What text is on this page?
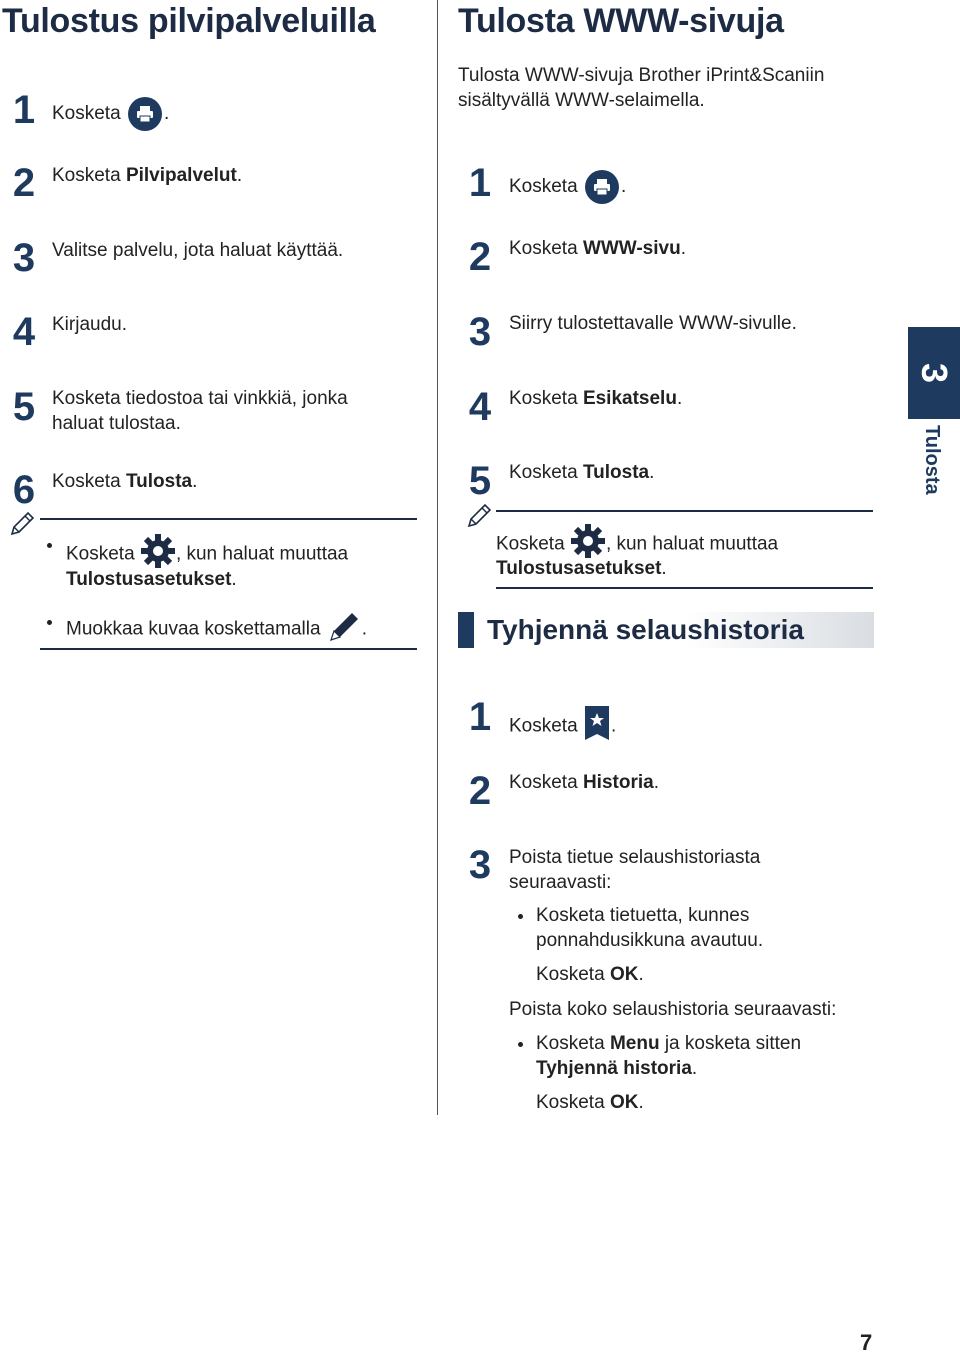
Tulostus pilvipalveluilla
1 Kosketa .
2 Kosketa Pilvipalvelut.
3 Valitse palvelu, jota haluat käyttää.
4 Kirjaudu.
5 Kosketa tiedostoa tai vinkkiä, jonka
haluat tulostaa.
6 Kosketa Tulosta.
Kosketa , kun haluat muuttaa
Tulostusasetukset.
Muokkaa kuvaa koskettamalla .
Tulosta WWW-sivuja
Tulosta WWW-sivuja Brother iPrint&Scaniin
sisältyvällä WWW-selaimella.
1 Kosketa .
2 Kosketa WWW-sivu.
3 Siirry tulostettavalle WWW-sivulle.
4 Kosketa Esikatselu.
5 Kosketa Tulosta.
Kosketa , kun haluat muuttaa
Tulostusasetukset.
Tyhjennä selaushistoria
1 Kosketa .
2 Kosketa Historia.
3 Poista tietue selaushistoriasta
seuraavasti:
Kosketa tietuetta, kunnes
ponnahdusikkuna avautuu.
Kosketa OK.
Poista koko selaushistoria seuraavasti:
Kosketa Menu ja kosketa sitten
Tyhjennä historia.
Kosketa OK.
3
Tulosta
7
